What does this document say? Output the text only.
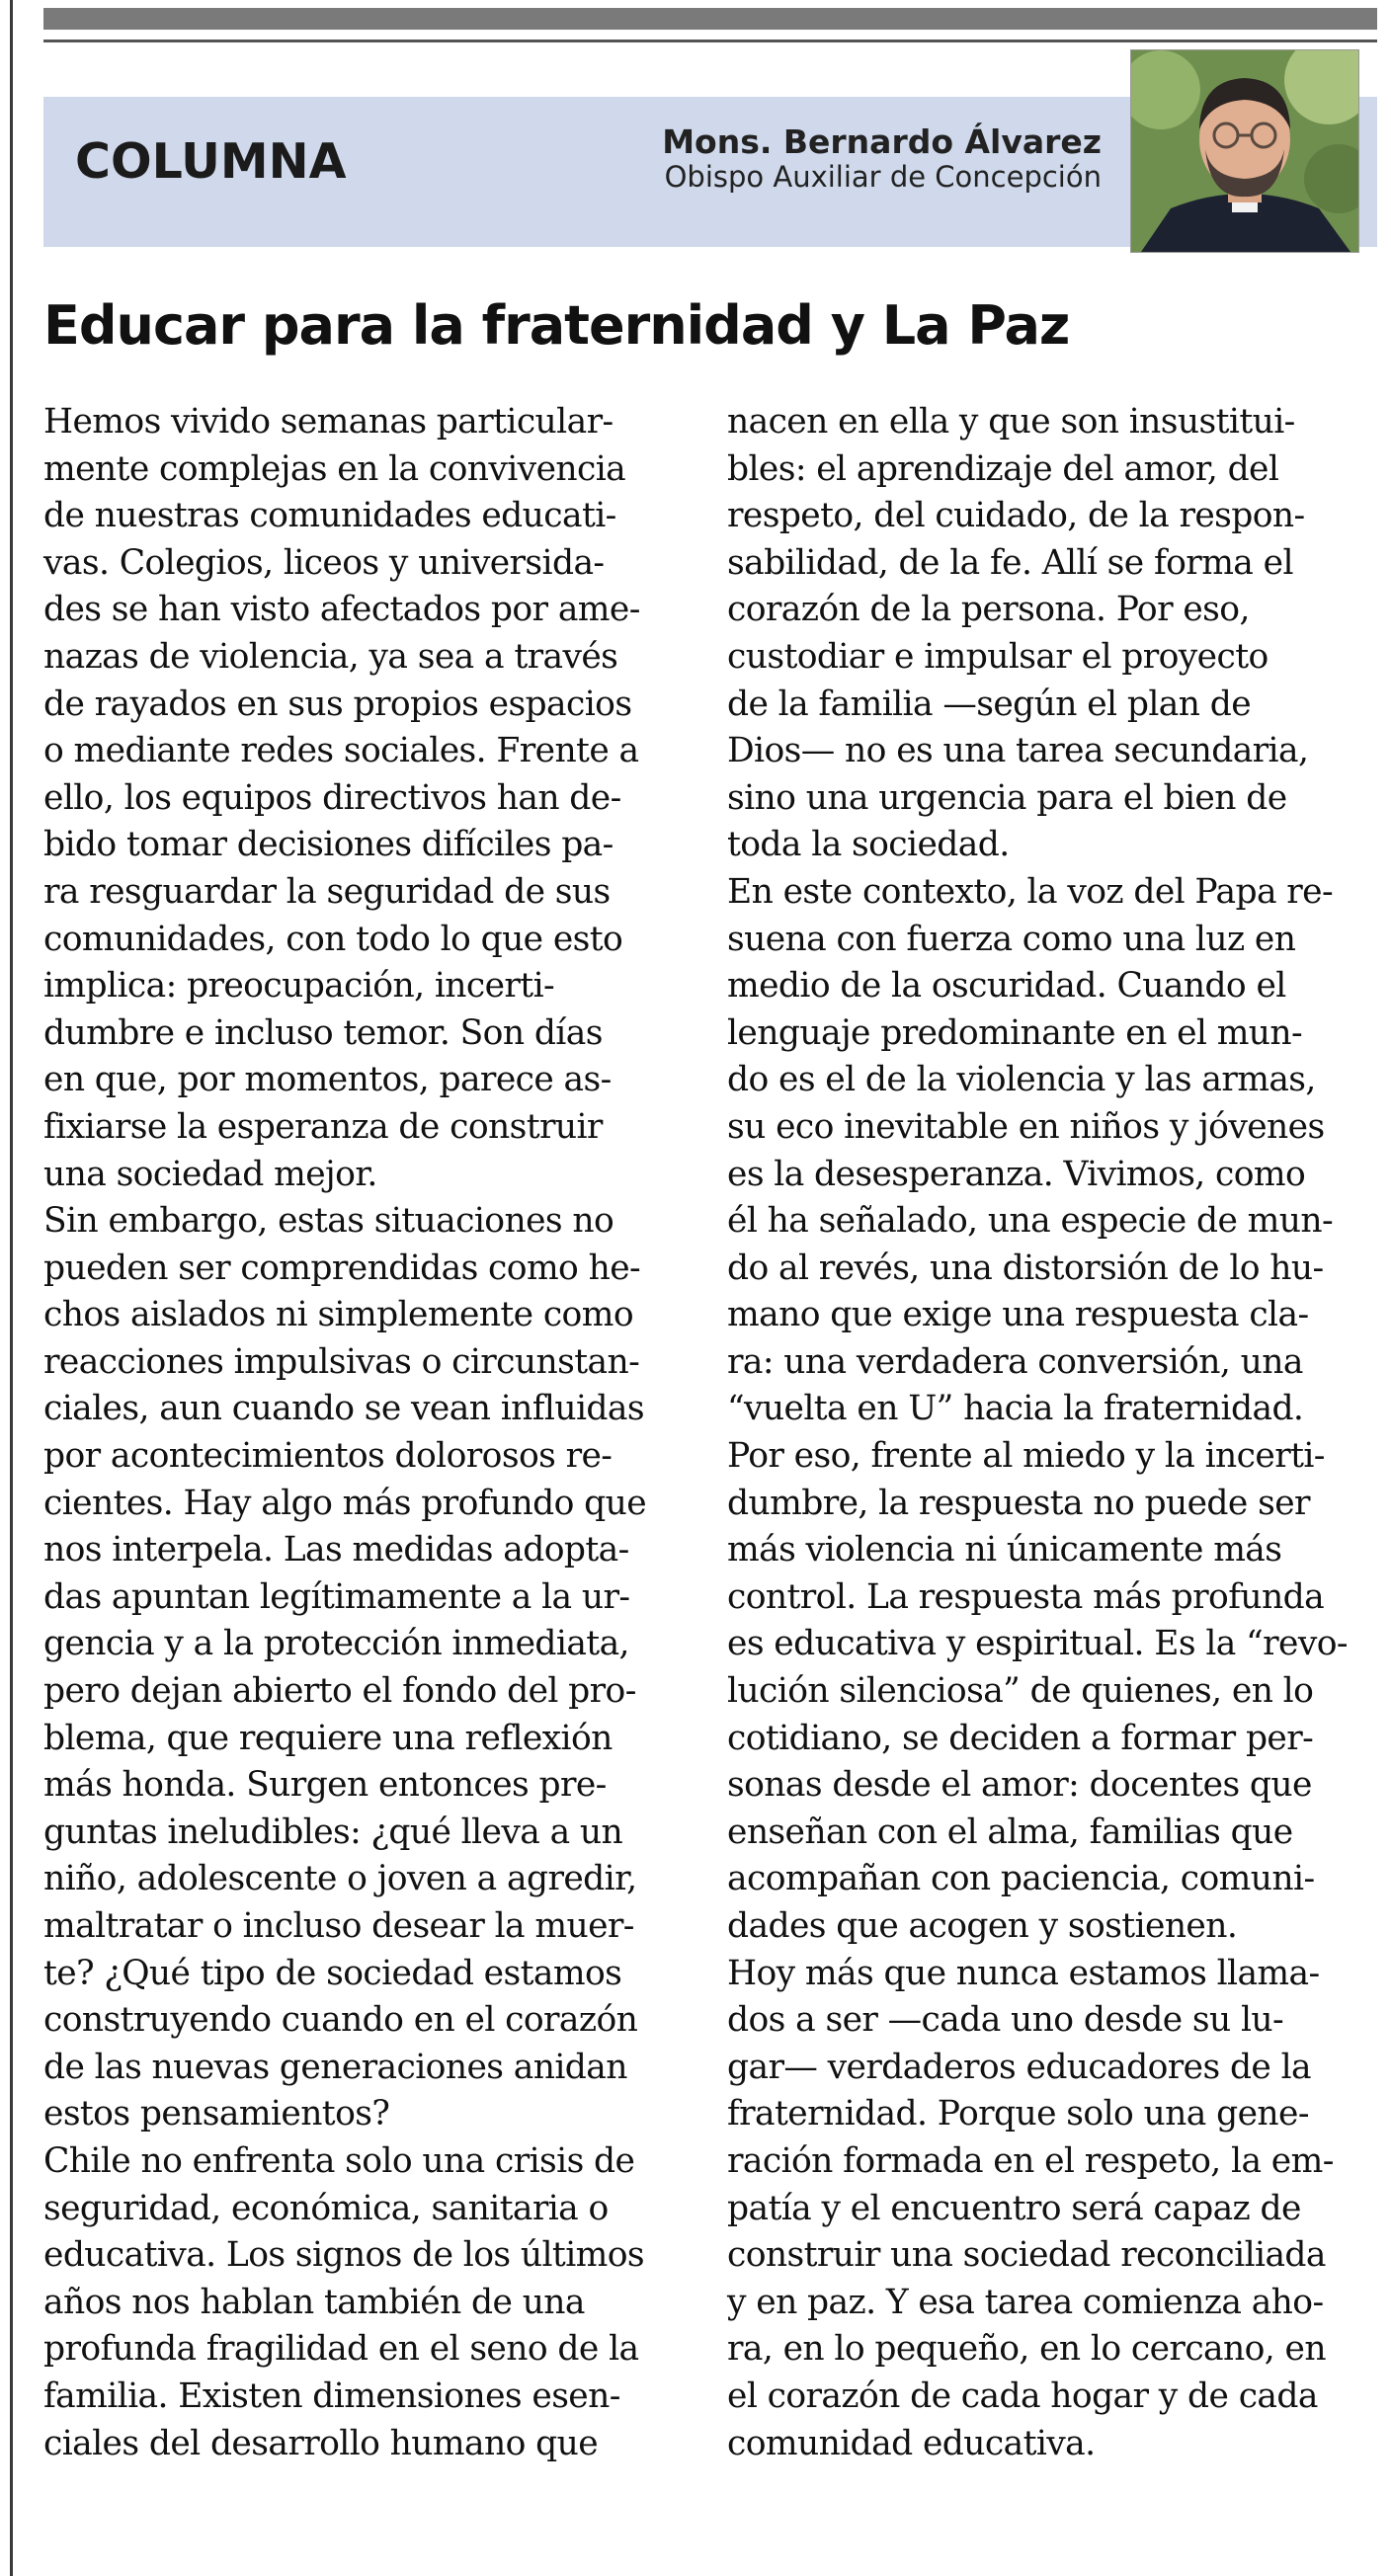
COLUMNA	Mons. Bernardo Álvarez
Obispo Auxiliar de Concepción
Educar para la fraternidad y La Paz
Hemos vivido semanas particular-
mente complejas en la convivencia
de nuestras comunidades educati-
vas. Colegios, liceos y universida-
des se han visto afectados por ame-
nazas de violencia, ya sea a través
de rayados en sus propios espacios
o mediante redes sociales. Frente a
ello, los equipos directivos han de-
bido tomar decisiones difíciles pa-
ra resguardar la seguridad de sus
comunidades, con todo lo que esto
implica: preocupación, incerti-
dumbre e incluso temor. Son días
en que, por momentos, parece as-
fixiarse la esperanza de construir
una sociedad mejor.
Sin embargo, estas situaciones no
pueden ser comprendidas como he-
chos aislados ni simplemente como
reacciones impulsivas o circunstan-
ciales, aun cuando se vean influidas
por acontecimientos dolorosos re-
cientes. Hay algo más profundo que
nos interpela. Las medidas adopta-
das apuntan legítimamente a la ur-
gencia y a la protección inmediata,
pero dejan abierto el fondo del pro-
blema, que requiere una reflexión
más honda. Surgen entonces pre-
guntas ineludibles: ¿qué lleva a un
niño, adolescente o joven a agredir,
maltratar o incluso desear la muer-
te? ¿Qué tipo de sociedad estamos
construyendo cuando en el corazón
de las nuevas generaciones anidan
estos pensamientos?
Chile no enfrenta solo una crisis de
seguridad, económica, sanitaria o
educativa. Los signos de los últimos
años nos hablan también de una
profunda fragilidad en el seno de la
familia. Existen dimensiones esen-
ciales del desarrollo humano que
nacen en ella y que son insustitui-
bles: el aprendizaje del amor, del
respeto, del cuidado, de la respon-
sabilidad, de la fe. Allí se forma el
corazón de la persona. Por eso,
custodiar e impulsar el proyecto
de la familia —según el plan de
Dios— no es una tarea secundaria,
sino una urgencia para el bien de
toda la sociedad.
En este contexto, la voz del Papa re-
suena con fuerza como una luz en
medio de la oscuridad. Cuando el
lenguaje predominante en el mun-
do es el de la violencia y las armas,
su eco inevitable en niños y jóvenes
es la desesperanza. Vivimos, como
él ha señalado, una especie de mun-
do al revés, una distorsión de lo hu-
mano que exige una respuesta cla-
ra: una verdadera conversión, una
“vuelta en U” hacia la fraternidad.
Por eso, frente al miedo y la incerti-
dumbre, la respuesta no puede ser
más violencia ni únicamente más
control. La respuesta más profunda
es educativa y espiritual. Es la “revo-
lución silenciosa” de quienes, en lo
cotidiano, se deciden a formar per-
sonas desde el amor: docentes que
enseñan con el alma, familias que
acompañan con paciencia, comuni-
dades que acogen y sostienen.
Hoy más que nunca estamos llama-
dos a ser —cada uno desde su lu-
gar— verdaderos educadores de la
fraternidad. Porque solo una gene-
ración formada en el respeto, la em-
patía y el encuentro será capaz de
construir una sociedad reconciliada
y en paz. Y esa tarea comienza aho-
ra, en lo pequeño, en lo cercano, en
el corazón de cada hogar y de cada
comunidad educativa.
